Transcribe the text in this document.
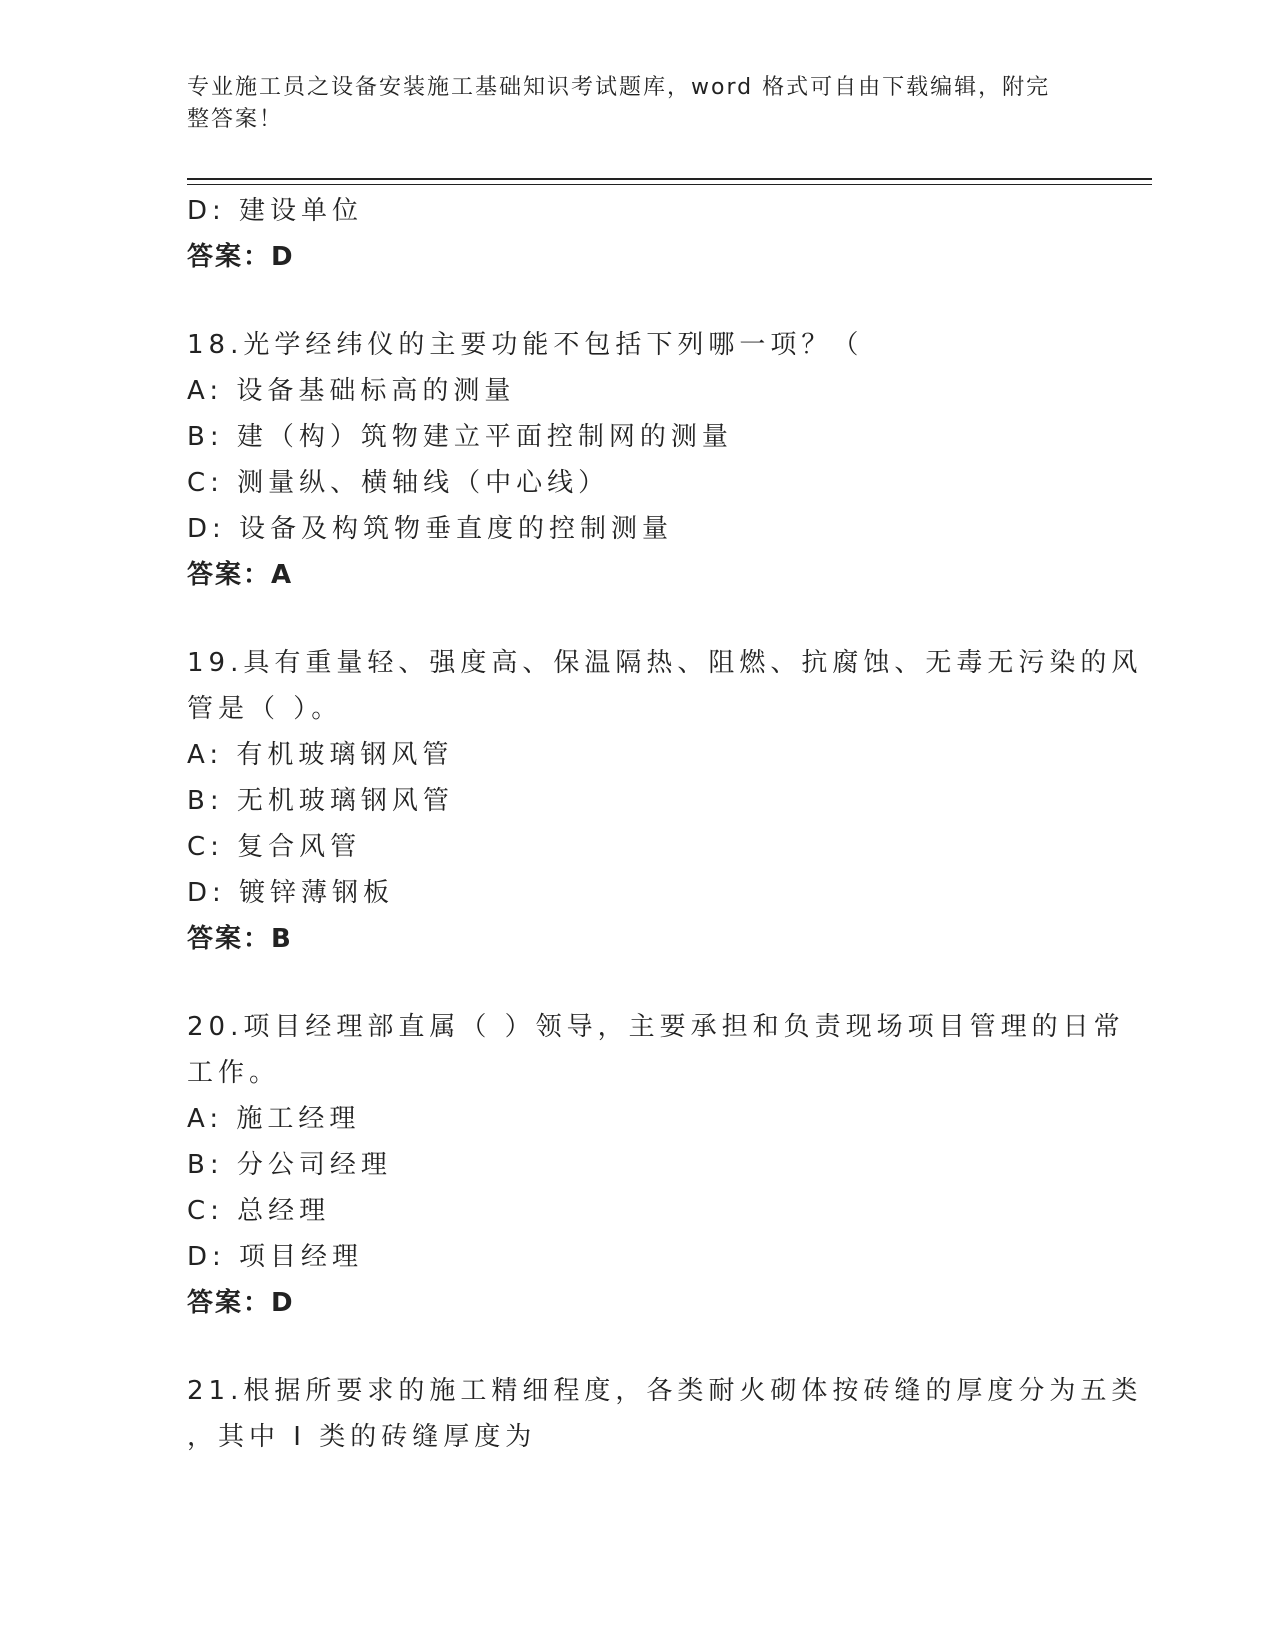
专业施工员之设备安装施工基础知识考试题库，word 格式可自由下载编辑，附完
整答案！
D: 建设单位
答案：D
18.光学经纬仪的主要功能不包括下列哪一项？（
A: 设备基础标高的测量
B: 建（构）筑物建立平面控制网的测量
C: 测量纵、横轴线（中心线）
D: 设备及构筑物垂直度的控制测量
答案：A
19.具有重量轻、强度高、保温隔热、阻燃、抗腐蚀、无毒无污染的风
管是（ ）。
A: 有机玻璃钢风管
B: 无机玻璃钢风管
C: 复合风管
D: 镀锌薄钢板
答案：B
20.项目经理部直属（ ）领导，主要承担和负责现场项目管理的日常
工作。
A: 施工经理
B: 分公司经理
C: 总经理
D: 项目经理
答案：D
21.根据所要求的施工精细程度，各类耐火砌体按砖缝的厚度分为五类
，其中 I 类的砖缝厚度为
